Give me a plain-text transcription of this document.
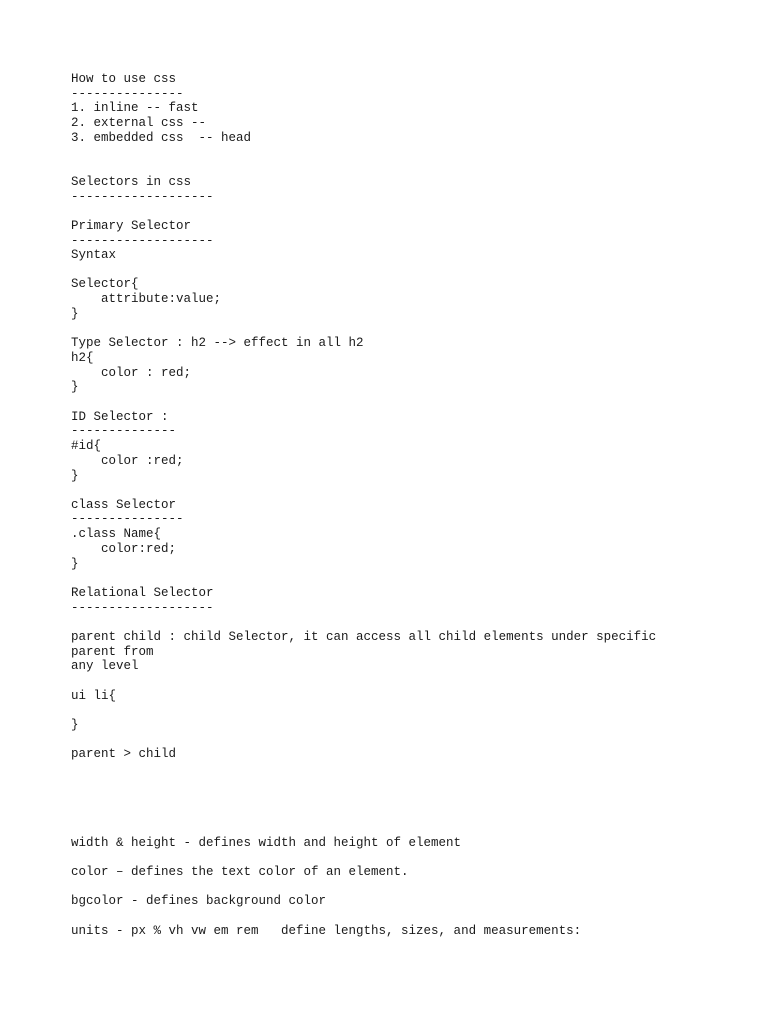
How to use css
---------------
1. inline -- fast
2. external css --
3. embedded css  -- head
Selectors in css
-------------------
Primary Selector
-------------------
Syntax
Selector{
attribute:value;
}
Type Selector : h2 --> effect in all h2
h2{
color : red;
}
ID Selector :
--------------
#id{
color :red;
}
class Selector
---------------
.class Name{
color:red;
}
Relational Selector
-------------------
parent child : child Selector, it can access all child elements under specific
parent from
any level
ui li{
}
parent > child
width & height - defines width and height of element
color – defines the text color of an element.
bgcolor - defines background color
units - px % vh vw em rem   define lengths, sizes, and measurements:
